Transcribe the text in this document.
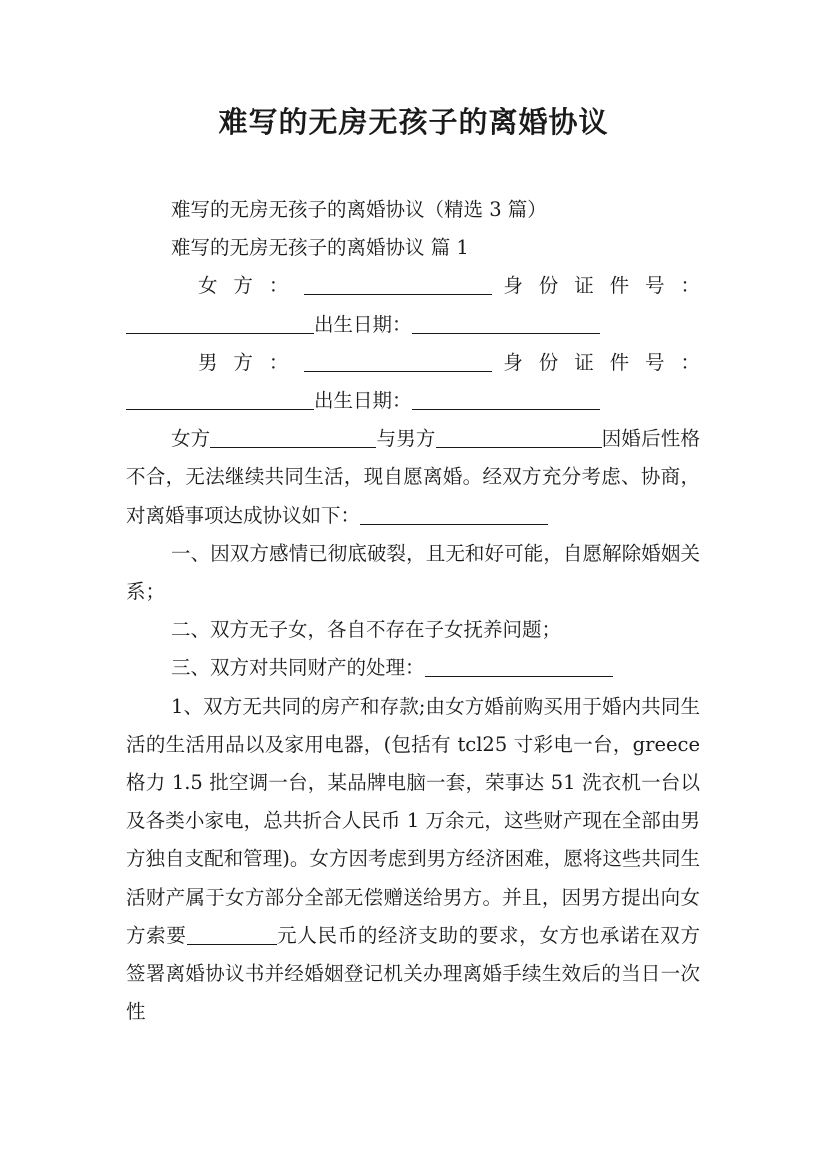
难写的无房无孩子的离婚协议

难写的无房无孩子的离婚协议（精选 3 篇）

难写的无房无孩子的离婚协议 篇 1

女 方 ：	身 份 证 件 号 ：

出生日期：

男 方 ：	身 份 证 件 号 ：

出生日期：

女方	与男方	因婚后性格不合，无法继续共同生活，现自愿离婚。经双方充分考虑、协商，对离婚事项达成协议如下：

一、因双方感情已彻底破裂，且无和好可能，自愿解除婚姻关系；

二、双方无子女，各自不存在子女抚养问题；

三、双方对共同财产的处理：

1、双方无共同的房产和存款;由女方婚前购买用于婚内共同生活的生活用品以及家用电器，(包括有 tcl25 寸彩电一台，greece 格力 1.5 批空调一台，某品牌电脑一套，荣事达 51 洗衣机一台以及各类小家电，总共折合人民币 1 万余元，这些财产现在全部由男方独自支配和管理)。女方因考虑到男方经济困难，愿将这些共同生活财产属于女方部分全部无偿赠送给男方。并且，因男方提出向女方索要	元人民币的经济支助的要求，女方也承诺在双方签署离婚协议书并经婚姻登记机关办理离婚手续生效后的当日一次性
